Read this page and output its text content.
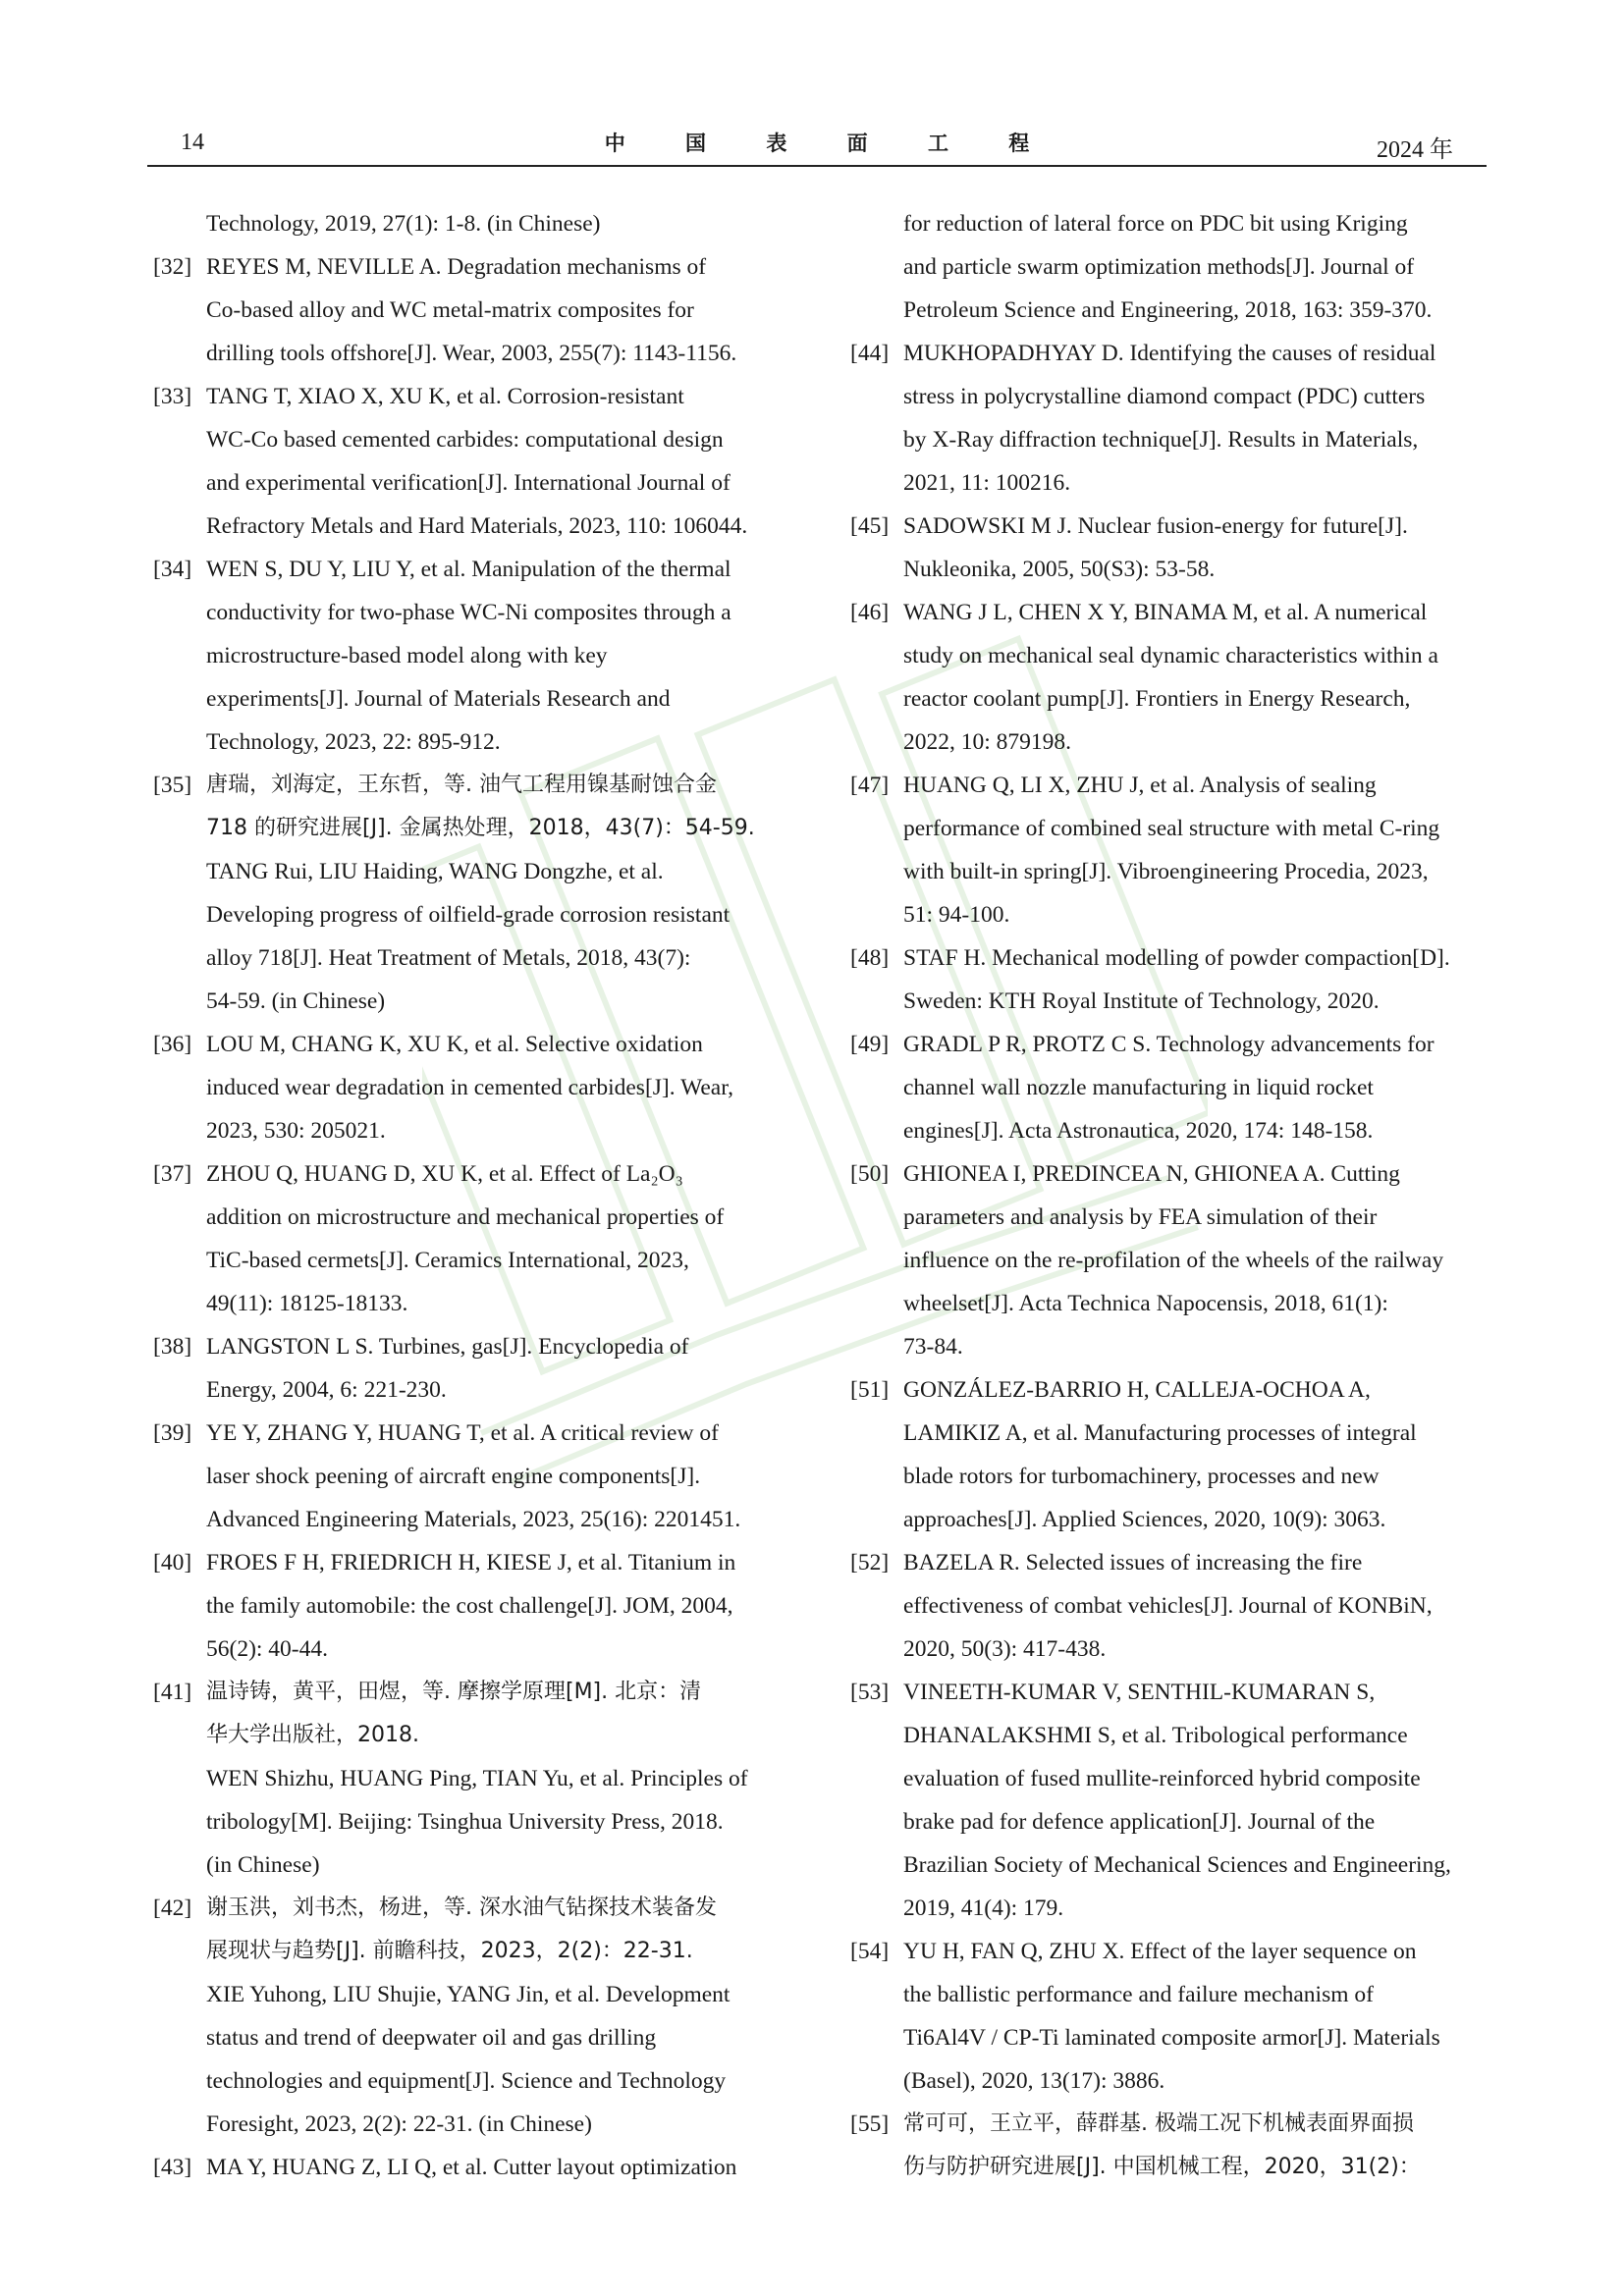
14	中 国 表 面 工 程	2024 年
Technology, 2019, 27(1): 1-8. (in Chinese)
[32] REYES M, NEVILLE A. Degradation mechanisms of
Co-based alloy and WC metal-matrix composites for
drilling tools offshore[J]. Wear, 2003, 255(7): 1143-1156.
[33] TANG T, XIAO X, XU K, et al. Corrosion-resistant
WC-Co based cemented carbides: computational design
and experimental verification[J]. International Journal of
Refractory Metals and Hard Materials, 2023, 110: 106044.
[34] WEN S, DU Y, LIU Y, et al. Manipulation of the thermal
conductivity for two-phase WC-Ni composites through a
microstructure-based model along with key
experiments[J]. Journal of Materials Research and
Technology, 2023, 22: 895-912.
[35] 唐瑞，刘海定，王东哲，等. 油气工程用镍基耐蚀合金
718 的研究进展[J]. 金属热处理，2018，43(7)：54-59.
TANG Rui, LIU Haiding, WANG Dongzhe, et al.
Developing progress of oilfield-grade corrosion resistant
alloy 718[J]. Heat Treatment of Metals, 2018, 43(7):
54-59. (in Chinese)
[36] LOU M, CHANG K, XU K, et al. Selective oxidation
induced wear degradation in cemented carbides[J]. Wear,
2023, 530: 205021.
[37] ZHOU Q, HUANG D, XU K, et al. Effect of La₂O₃
addition on microstructure and mechanical properties of
TiC-based cermets[J]. Ceramics International, 2023,
49(11): 18125-18133.
[38] LANGSTON L S. Turbines, gas[J]. Encyclopedia of
Energy, 2004, 6: 221-230.
[39] YE Y, ZHANG Y, HUANG T, et al. A critical review of
laser shock peening of aircraft engine components[J].
Advanced Engineering Materials, 2023, 25(16): 2201451.
[40] FROES F H, FRIEDRICH H, KIESE J, et al. Titanium in
the family automobile: the cost challenge[J]. JOM, 2004,
56(2): 40-44.
[41] 温诗铸，黄平，田煜，等. 摩擦学原理[M]. 北京：清
华大学出版社，2018.
WEN Shizhu, HUANG Ping, TIAN Yu, et al. Principles of
tribology[M]. Beijing: Tsinghua University Press, 2018.
(in Chinese)
[42] 谢玉洪，刘书杰，杨进，等. 深水油气钻探技术装备发
展现状与趋势[J]. 前瞻科技，2023，2(2)：22-31.
XIE Yuhong, LIU Shujie, YANG Jin, et al. Development
status and trend of deepwater oil and gas drilling
technologies and equipment[J]. Science and Technology
Foresight, 2023, 2(2): 22-31. (in Chinese)
[43] MA Y, HUANG Z, LI Q, et al. Cutter layout optimization
for reduction of lateral force on PDC bit using Kriging
and particle swarm optimization methods[J]. Journal of
Petroleum Science and Engineering, 2018, 163: 359-370.
[44] MUKHOPADHYAY D. Identifying the causes of residual
stress in polycrystalline diamond compact (PDC) cutters
by X-Ray diffraction technique[J]. Results in Materials,
2021, 11: 100216.
[45] SADOWSKI M J. Nuclear fusion-energy for future[J].
Nukleonika, 2005, 50(S3): 53-58.
[46] WANG J L, CHEN X Y, BINAMA M, et al. A numerical
study on mechanical seal dynamic characteristics within a
reactor coolant pump[J]. Frontiers in Energy Research,
2022, 10: 879198.
[47] HUANG Q, LI X, ZHU J, et al. Analysis of sealing
performance of combined seal structure with metal C-ring
with built-in spring[J]. Vibroengineering Procedia, 2023,
51: 94-100.
[48] STAF H. Mechanical modelling of powder compaction[D].
Sweden: KTH Royal Institute of Technology, 2020.
[49] GRADL P R, PROTZ C S. Technology advancements for
channel wall nozzle manufacturing in liquid rocket
engines[J]. Acta Astronautica, 2020, 174: 148-158.
[50] GHIONEA I, PREDINCEA N, GHIONEA A. Cutting
parameters and analysis by FEA simulation of their
influence on the re-profilation of the wheels of the railway
wheelset[J]. Acta Technica Napocensis, 2018, 61(1):
73-84.
[51] GONZÁLEZ-BARRIO H, CALLEJA-OCHOA A,
LAMIKIZ A, et al. Manufacturing processes of integral
blade rotors for turbomachinery, processes and new
approaches[J]. Applied Sciences, 2020, 10(9): 3063.
[52] BAZELA R. Selected issues of increasing the fire
effectiveness of combat vehicles[J]. Journal of KONBiN,
2020, 50(3): 417-438.
[53] VINEETH-KUMAR V, SENTHIL-KUMARAN S,
DHANALAKSHMI S, et al. Tribological performance
evaluation of fused mullite-reinforced hybrid composite
brake pad for defence application[J]. Journal of the
Brazilian Society of Mechanical Sciences and Engineering,
2019, 41(4): 179.
[54] YU H, FAN Q, ZHU X. Effect of the layer sequence on
the ballistic performance and failure mechanism of
Ti6Al4V / CP-Ti laminated composite armor[J]. Materials
(Basel), 2020, 13(17): 3886.
[55] 常可可，王立平，薛群基. 极端工况下机械表面界面损
伤与防护研究进展[J]. 中国机械工程，2020，31(2)：
